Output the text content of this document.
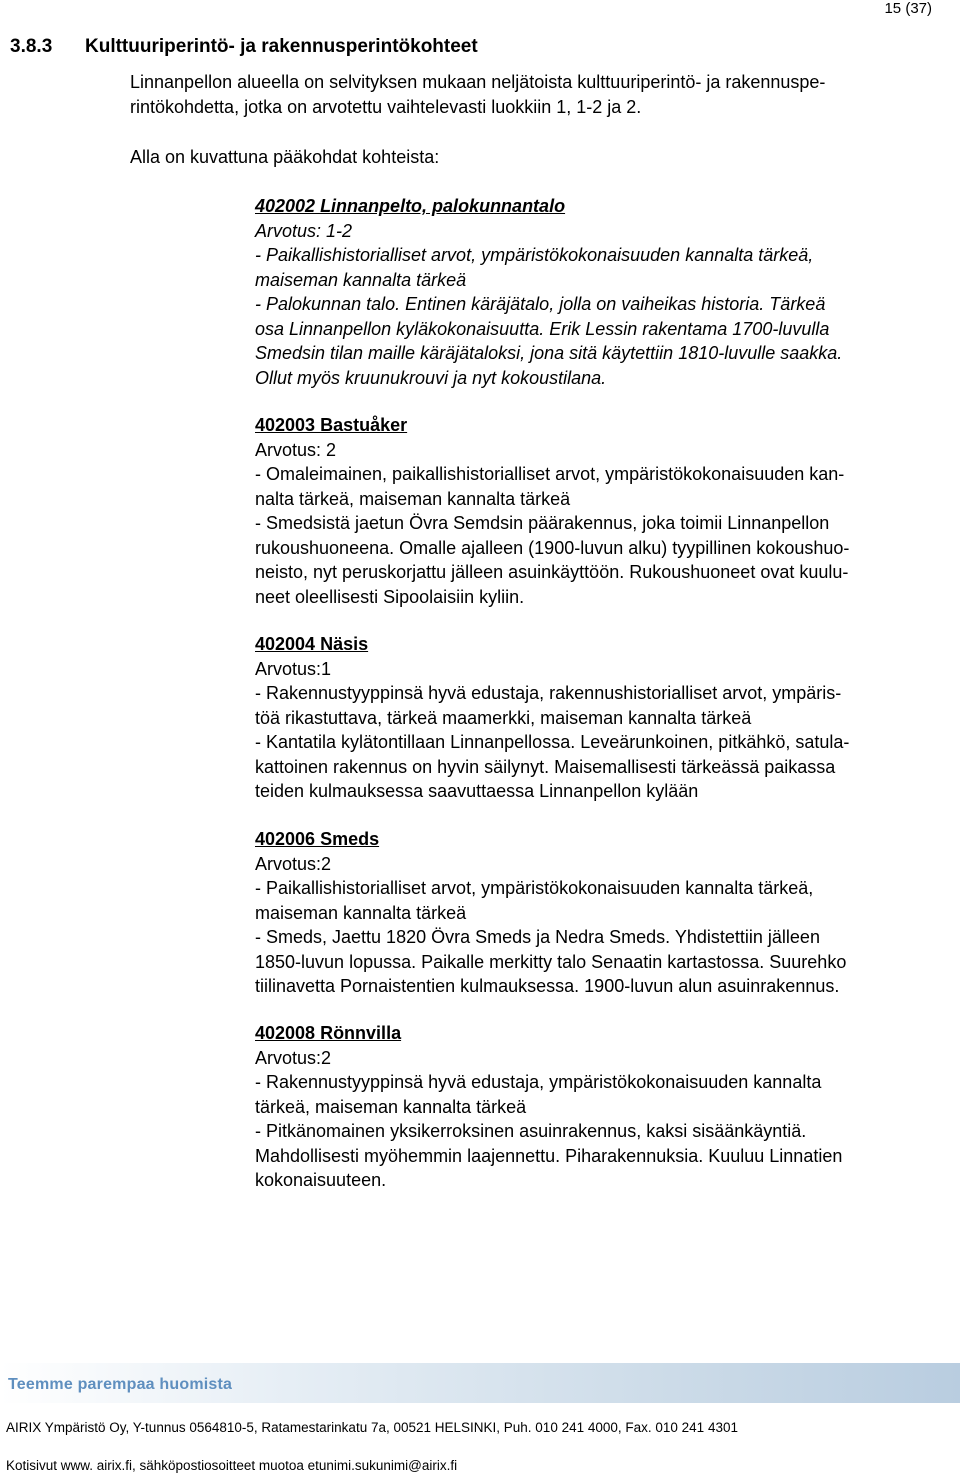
15 (37)
3.8.3 Kulttuuriperintö- ja rakennusperintökohteet
Linnanpellon alueella on selvityksen mukaan neljätoista kulttuuriperintö- ja rakennuspe-
rintökohdetta, jotka on arvotettu vaihtelevasti luokkiin 1, 1-2 ja 2.
Alla on kuvattuna pääkohdat kohteista:
402002 Linnanpelto, palokunnantalo

Arvotus: 1-2

- Paikallishistorialliset arvot, ympäristökokonaisuuden kannalta tärkeä,
maiseman kannalta tärkeä
- Palokunnan talo. Entinen käräjätalo, jolla on vaiheikas historia. Tärkeä
osa Linnanpellon kyläkokonaisuutta. Erik Lessin rakentama 1700-luvulla
Smedsin tilan maille käräjätaloksi, jona sitä käytettiin 1810-luvulle saakka.
Ollut myös kruunukrouvi ja nyt kokoustilana.
402003 Bastuåker

Arvotus: 2

- Omaleimainen, paikallishistorialliset arvot, ympäristökokonaisuuden kan-
nalta tärkeä, maiseman kannalta tärkeä
- Smedsistä jaetun Övra Semdsin päärakennus, joka toimii Linnanpellon
rukoushuoneena. Omalle ajalleen (1900-luvun alku) tyypillinen kokoushuo-
neisto, nyt peruskorjattu jälleen asuinkäyttöön. Rukoushuoneet ovat kuulu-
neet oleellisesti Sipoolaisiin kyliin.
402004 Näsis

Arvotus:1

- Rakennustyyppinsä hyvä edustaja, rakennushistorialliset arvot, ympäris-
töä rikastuttava, tärkeä maamerkki, maiseman kannalta tärkeä
- Kantatila kylätontillaan Linnanpellossa. Leveärunkoinen, pitkähkö, satula-
kattoinen rakennus on hyvin säilynyt. Maisemallisesti tärkeässä paikassa
teiden kulmauksessa saavuttaessa Linnanpellon kylään
402006 Smeds

Arvotus:2

- Paikallishistorialliset arvot, ympäristökokonaisuuden kannalta tärkeä,
maiseman kannalta tärkeä
- Smeds, Jaettu 1820 Övra Smeds ja Nedra Smeds. Yhdistettiin jälleen
1850-luvun lopussa. Paikalle merkitty talo Senaatin kartastossa. Suurehko
tiilinavetta Pornaistentien kulmauksessa. 1900-luvun alun asuinrakennus.
402008 Rönnvilla

Arvotus:2

- Rakennustyyppinsä hyvä edustaja, ympäristökokonaisuuden kannalta
tärkeä, maiseman kannalta tärkeä
- Pitkänomainen yksikerroksinen asuinrakennus, kaksi sisäänkäyntiä.
Mahdollisesti myöhemmin laajennettu. Piharakennuksia. Kuuluu Linnatien
kokonaisuuteen.
Teemme parempaa huomista
AIRIX Ympäristö Oy, Y-tunnus 0564810-5, Ratamestarinkatu 7a, 00521 HELSINKI, Puh. 010 241 4000, Fax. 010 241 4301
Kotisivut www. airix.fi, sähköpostiosoitteet muotoa etunimi.sukunimi@airix.fi
